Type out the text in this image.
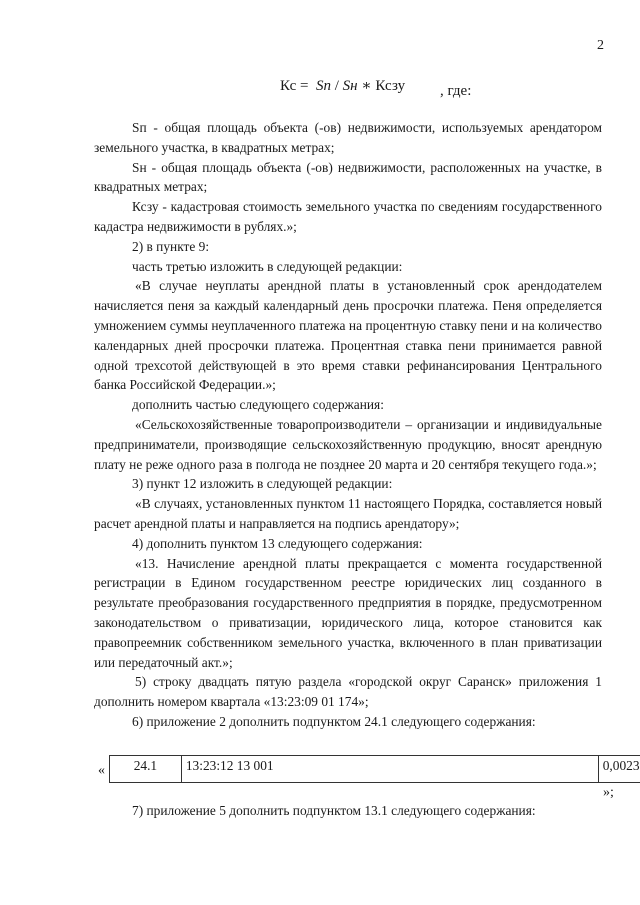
2
Кс = Sп / Sн ∗ Ксзу , где:

Sп - общая площадь объекта (-ов) недвижимости, используемых арендатором земельного участка, в квадратных метрах;

Sн - общая площадь объекта (-ов) недвижимости, расположенных на участке, в квадратных метрах;

Ксзу - кадастровая стоимость земельного участка по сведениям государственного кадастра недвижимости в рублях.»;

2) в пункте 9:

часть третью изложить в следующей редакции:

«В случае неуплаты арендной платы в установленный срок арендодателем начисляется пеня за каждый календарный день просрочки платежа. Пеня определяется умножением суммы неуплаченного платежа на процентную ставку пени и на количество календарных дней просрочки платежа. Процентная ставка пени принимается равной одной трехсотой действующей в это время ставки рефинансирования Центрального банка Российской Федерации.»;

дополнить частью следующего содержания:

«Сельскохозяйственные товаропроизводители – организации и индивидуальные предприниматели, производящие сельскохозяйственную продукцию, вносят арендную плату не реже одного раза в полгода не позднее 20 марта и 20 сентября текущего года.»;

3) пункт 12 изложить в следующей редакции:

«В случаях, установленных пунктом 11 настоящего Порядка, составляется новый расчет арендной платы и направляется на подпись арендатору»;

4) дополнить пунктом 13 следующего содержания:

«13. Начисление арендной платы прекращается с момента государственной регистрации в Едином государственном реестре юридических лиц созданного в результате преобразования государственного предприятия в порядке, предусмотренном законодательством о приватизации, юридического лица, которое становится как правопреемник собственником земельного участка, включенного в план приватизации или передаточный акт.»;

5) строку двадцать пятую раздела «городской округ Саранск» приложения 1 дополнить номером квартала «13:23:09 01 174»;

6) приложение 2 дополнить подпунктом 24.1 следующего содержания:

« 24.1	13:23:12 13 001	0,0023
»;
7) приложение 5 дополнить подпунктом 13.1 следующего содержания:
